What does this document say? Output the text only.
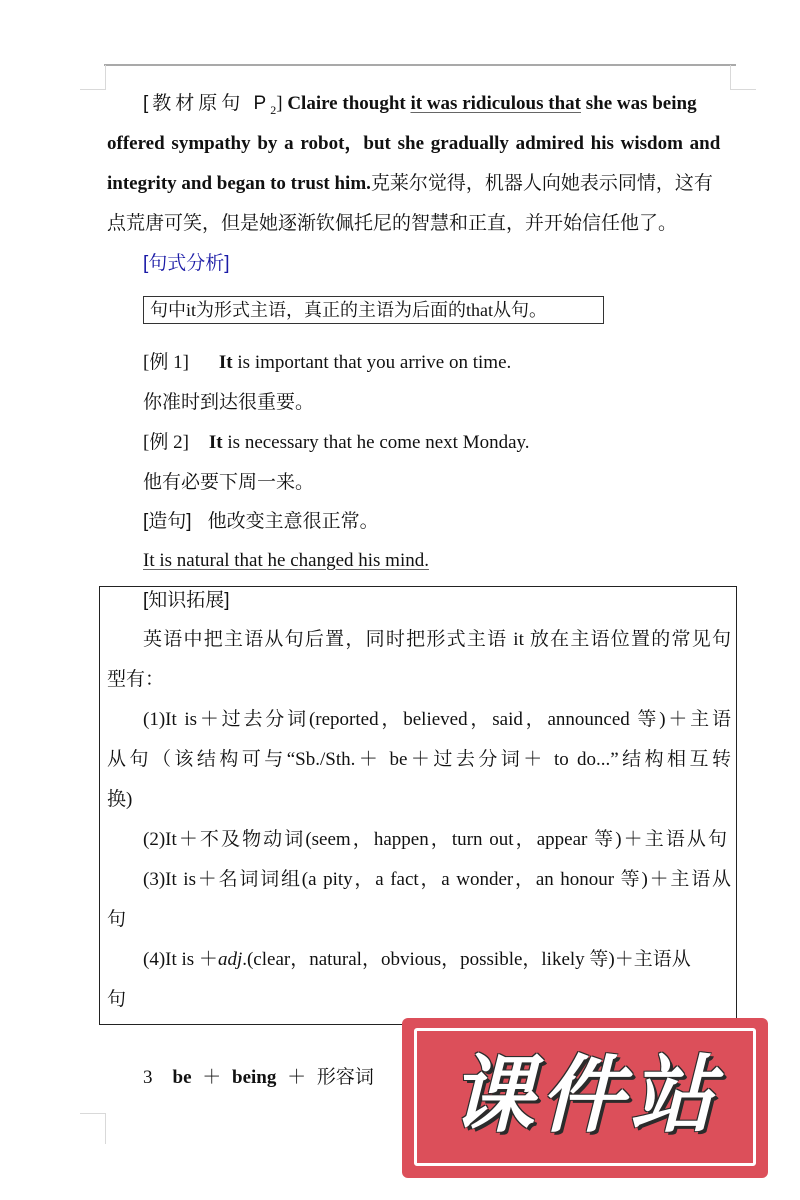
[教材原句 $P_2$] Claire thought it was ridiculous that she was being
offered sympathy by a robot，but she gradually admired his wisdom and
integrity and began to trust him.克莱尔觉得，机器人向她表示同情，这有
点荒唐可笑，但是她逐渐钦佩托尼的智慧和正直，并开始信任他了。
[句式分析]
句中it为形式主语，真正的主语为后面的that从句。
[例 1] It is important that you arrive on time.
你准时到达很重要。
[例 2] It is necessary that he come next Monday.
他有必要下周一来。
[造句] 他改变主意很正常。
It is natural that he changed his mind.
[知识拓展]
英语中把主语从句后置，同时把形式主语 it 放在主语位置的常见句
型有：
(1)It is＋过去分词(reported，believed，said，announced 等)＋主语
从句（该结构可与“Sb./Sth.＋ be＋过去分词＋ to do...”结构相互转
换)
(2)It＋不及物动词(seem，happen，turn out，appear 等)＋主语从句
(3)It is＋名词词组(a pity，a fact，a wonder，an honour 等)＋主语从
句
(4)It is ＋adj.(clear，natural，obvious，possible，likely 等)＋主语从
句
3 be ＋ being ＋ 形容词 课件站
